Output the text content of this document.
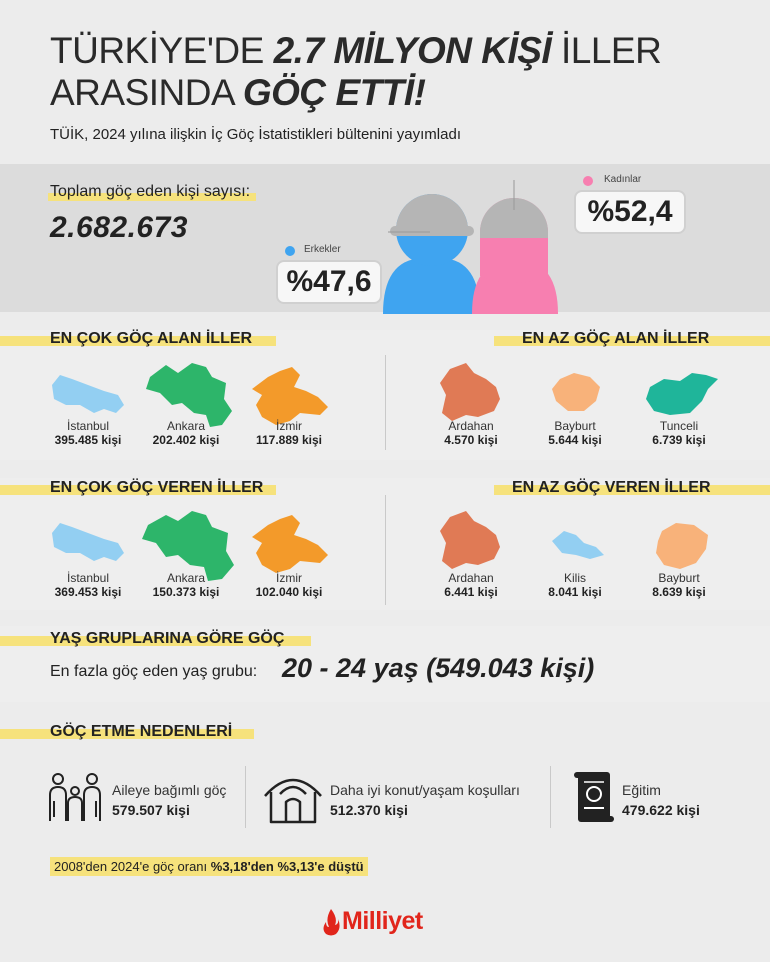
TÜRKİYE'DE 2.7 MİLYON KİŞİ İLLER ARASINDA GÖÇ ETTİ!
TÜİK, 2024 yılına ilişkin İç Göç İstatistikleri bültenini yayımladı
Toplam göç eden kişi sayısı:
2.682.673
Erkekler
%47,6
Kadınlar
%52,4
EN ÇOK GÖÇ ALAN İLLER	EN AZ GÖÇ ALAN İLLER
EN ÇOK GÖÇ VEREN İLLER	EN AZ GÖÇ VEREN İLLER
İstanbul
395.485 kişi
Ankara
202.402 kişi
İzmir
117.889 kişi
Ardahan
4.570 kişi
Bayburt
5.644 kişi
Tunceli
6.739 kişi
İstanbul
369.453 kişi
Ankara
150.373 kişi
İzmir
102.040 kişi
Ardahan
6.441 kişi
Kilis
8.041 kişi
Bayburt
8.639 kişi
YAŞ GRUPLARINA GÖRE GÖÇ
En fazla göç eden yaş grubu: 20 - 24 yaş (549.043 kişi)
GÖÇ ETME NEDENLERİ
Aileye bağımlı göç
579.507 kişi
Daha iyi konut/yaşam koşulları
512.370 kişi
Eğitim
479.622 kişi
2008'den 2024'e göç oranı %3,18'den %3,13'e düştü
Milliyet
